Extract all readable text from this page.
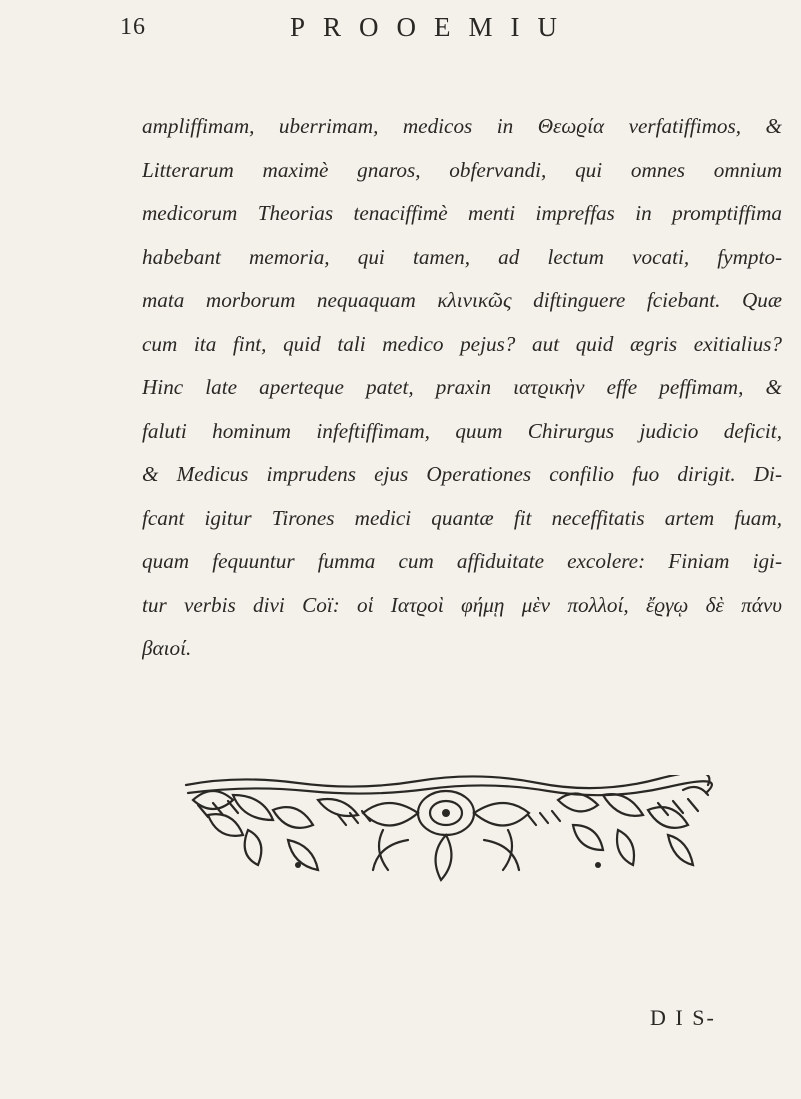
16	PROOEMIU
ampliffimam, uberrimam, medicos in Θεωϱία verfatiffimos, &
Litterarum maximè gnaros, obfervandi, qui omnes omnium
medicorum Theorias tenaciffimè menti impreffas in promptiffima
habebant memoria, qui tamen, ad lectum vocati, fympto-
mata morborum nequaquam κλινικῶς diftinguere fciebant. Quæ
cum ita fint, quid tali medico pejus? aut quid ægris exitialius?
Hinc late aperteque patet, praxin ιατϱικὴν effe peffimam, &
faluti hominum infeftiffimam, quum Chirurgus judicio deficit,
& Medicus imprudens ejus Operationes confilio fuo dirigit. Di-
fcant igitur Tirones medici quantæ fit neceffitatis artem fuam,
quam fequuntur fumma cum affiduitate excolere: Finiam igi-
tur verbis divi Coï: οἱ Ιατϱοὶ φήμῃ μὲν πολλοί, ἔϱγῳ δὲ πάνυ
βαιοί.
D I S-
